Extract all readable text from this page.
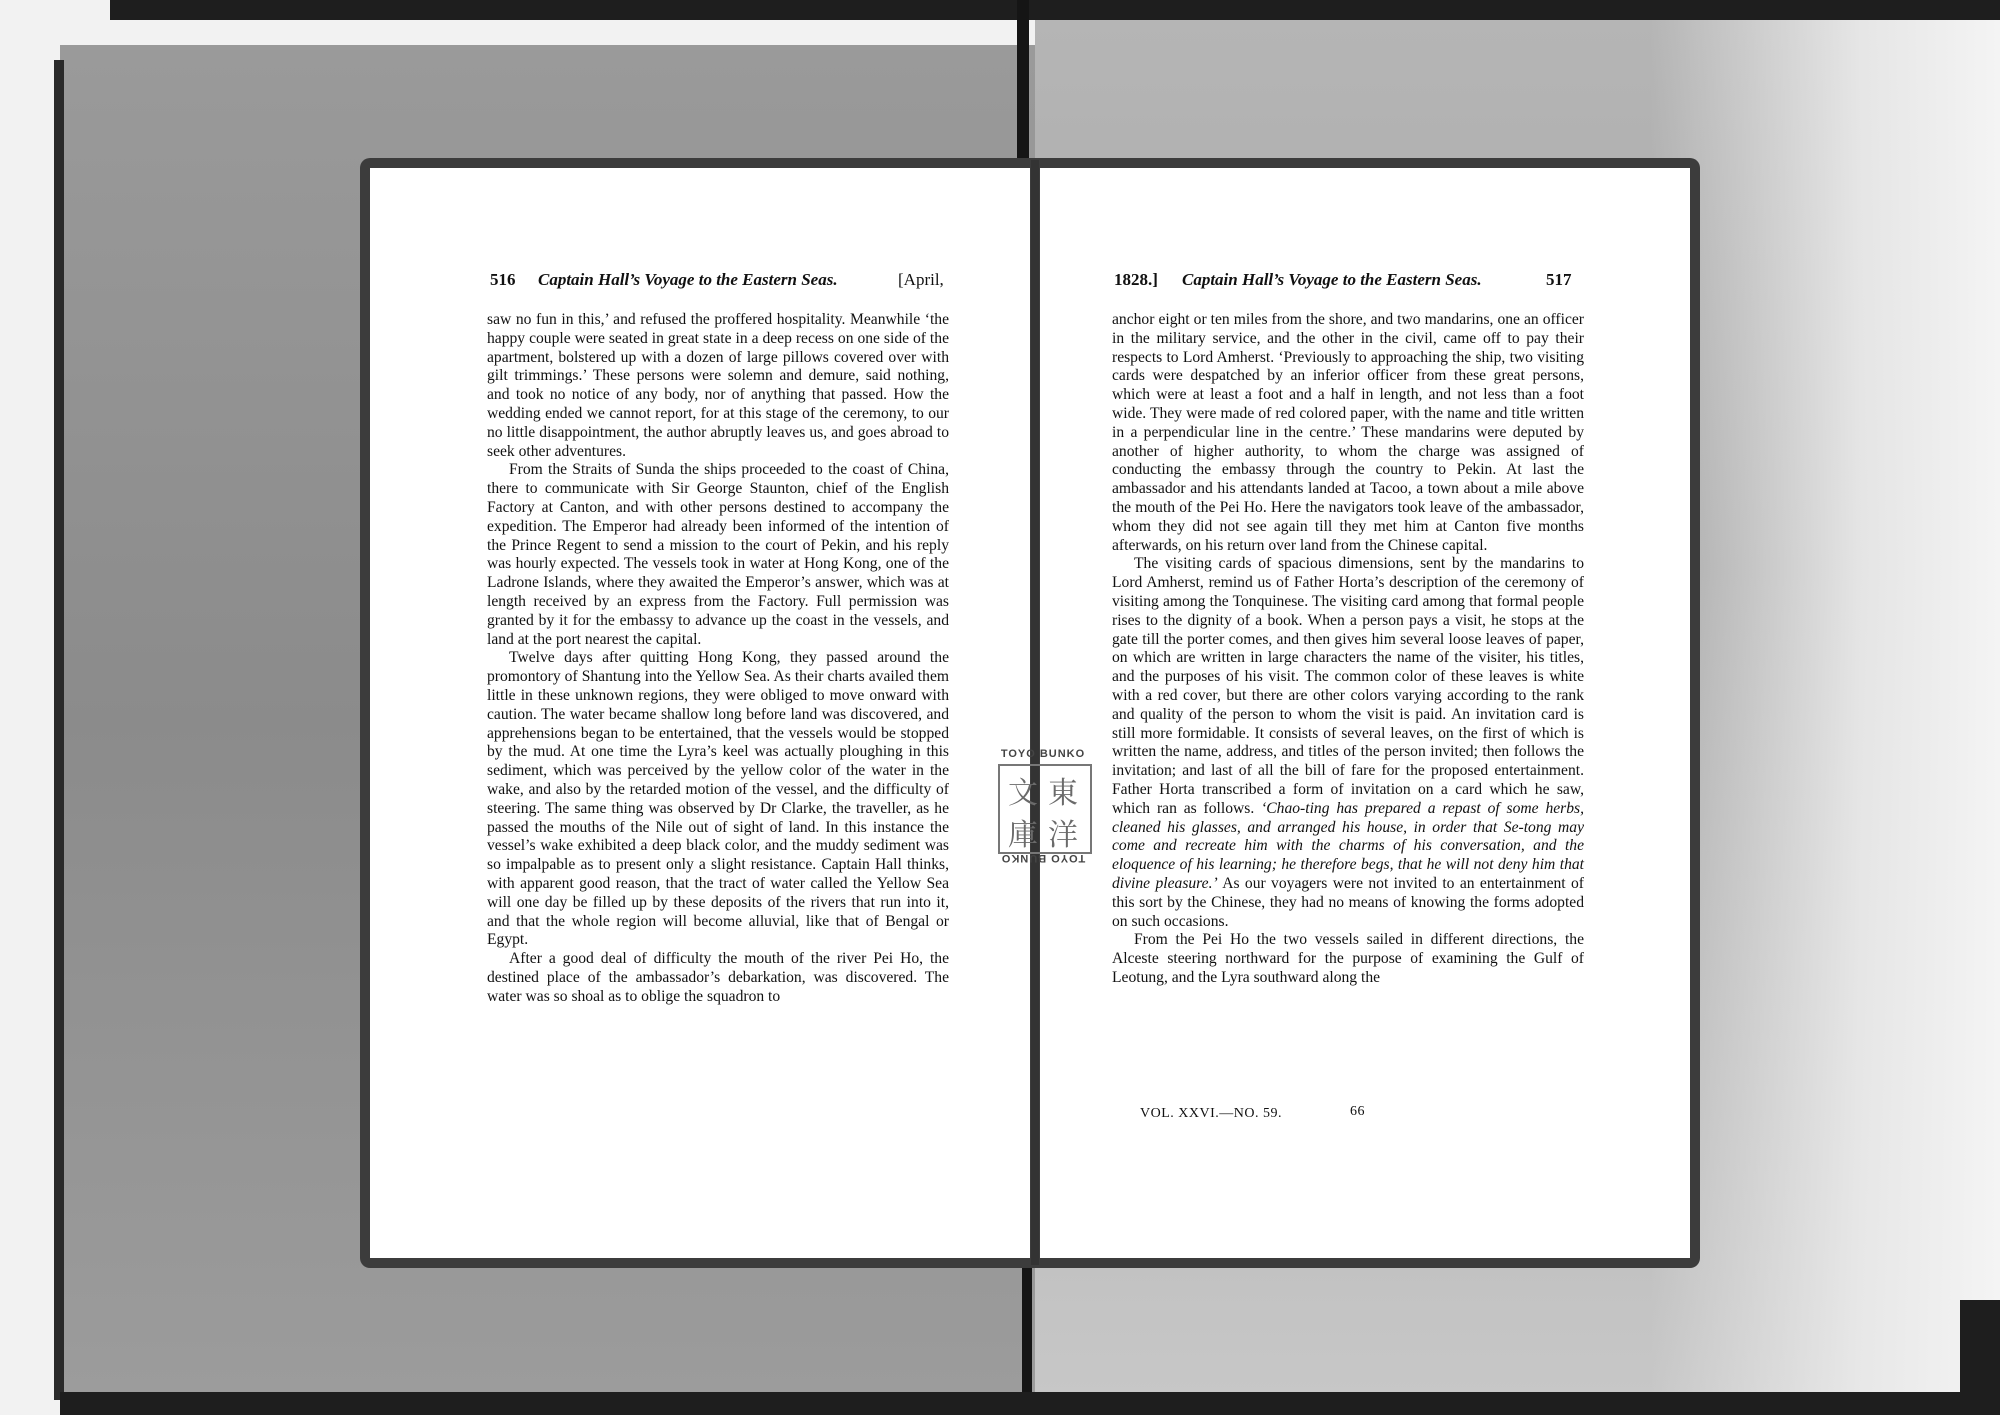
516 Captain Hall’s Voyage to the Eastern Seas.	[April,

saw no fun in this,’ and refused the proffered hospitality. Meanwhile ‘the happy couple were seated in great state in a deep recess on one side of the apartment, bolstered up with a dozen of large pillows covered over with gilt trimmings.’ These persons were solemn and demure, said nothing, and took no notice of any body, nor of anything that passed. How the wedding ended we cannot report, for at this stage of the ceremony, to our no little disappointment, the author abruptly leaves us, and goes abroad to seek other adventures.

From the Straits of Sunda the ships proceeded to the coast of China, there to communicate with Sir George Staunton, chief of the English Factory at Canton, and with other persons destined to accompany the expedition. The Emperor had already been informed of the intention of the Prince Regent to send a mission to the court of Pekin, and his reply was hourly expected. The vessels took in water at Hong Kong, one of the Ladrone Islands, where they awaited the Emperor’s answer, which was at length received by an express from the Factory. Full permission was granted by it for the embassy to advance up the coast in the vessels, and land at the port nearest the capital.

Twelve days after quitting Hong Kong, they passed around the promontory of Shantung into the Yellow Sea. As their charts availed them little in these unknown regions, they were obliged to move onward with caution. The water became shallow long before land was discovered, and apprehensions began to be entertained, that the vessels would be stopped by the mud. At one time the Lyra’s keel was actually ploughing in this sediment, which was perceived by the yellow color of the water in the wake, and also by the retarded motion of the vessel, and the difficulty of steering. The same thing was observed by Dr Clarke, the traveller, as he passed the mouths of the Nile out of sight of land. In this instance the vessel’s wake exhibited a deep black color, and the muddy sediment was so impalpable as to present only a slight resistance. Captain Hall thinks, with apparent good reason, that the tract of water called the Yellow Sea will one day be filled up by these deposits of the rivers that run into it, and that the whole region will become alluvial, like that of Bengal or Egypt.

After a good deal of difficulty the mouth of the river Pei Ho, the destined place of the ambassador’s debarkation, was discovered. The water was so shoal as to oblige the squadron to

1828.] Captain Hall’s Voyage to the Eastern Seas.	517

anchor eight or ten miles from the shore, and two mandarins, one an officer in the military service, and the other in the civil, came off to pay their respects to Lord Amherst. ‘Previously to approaching the ship, two visiting cards were despatched by an inferior officer from these great persons, which were at least a foot and a half in length, and not less than a foot wide. They were made of red colored paper, with the name and title written in a perpendicular line in the centre.’ These mandarins were deputed by another of higher authority, to whom the charge was assigned of conducting the embassy through the country to Pekin. At last the ambassador and his attendants landed at Tacoo, a town about a mile above the mouth of the Pei Ho. Here the navigators took leave of the ambassador, whom they did not see again till they met him at Canton five months afterwards, on his return over land from the Chinese capital.

The visiting cards of spacious dimensions, sent by the mandarins to Lord Amherst, remind us of Father Horta’s description of the ceremony of visiting among the Tonquinese. The visiting card among that formal people rises to the dignity of a book. When a person pays a visit, he stops at the gate till the porter comes, and then gives him several loose leaves of paper, on which are written in large characters the name of the visiter, his titles, and the purposes of his visit. The common color of these leaves is white with a red cover, but there are other colors varying according to the rank and quality of the person to whom the visit is paid. An invitation card is still more formidable. It consists of several leaves, on the first of which is written the name, address, and titles of the person invited; then follows the invitation; and last of all the bill of fare for the proposed entertainment. Father Horta transcribed a form of invitation on a card which he saw, which ran as follows. ‘Chao-ting has prepared a repast of some herbs, cleaned his glasses, and arranged his house, in order that Se-tong may come and recreate him with the charms of his conversation, and the eloquence of his learning; he therefore begs, that he will not deny him that divine pleasure.’ As our voyagers were not invited to an entertainment of this sort by the Chinese, they had no means of knowing the forms adopted on such occasions.

From the Pei Ho the two vessels sailed in different directions, the Alceste steering northward for the purpose of examining the Gulf of Leotung, and the Lyra southward along the

VOL. XXVI.—NO. 59.	66
TOYO BUNKO
東
洋
文
庫
TOYO BUNKO
